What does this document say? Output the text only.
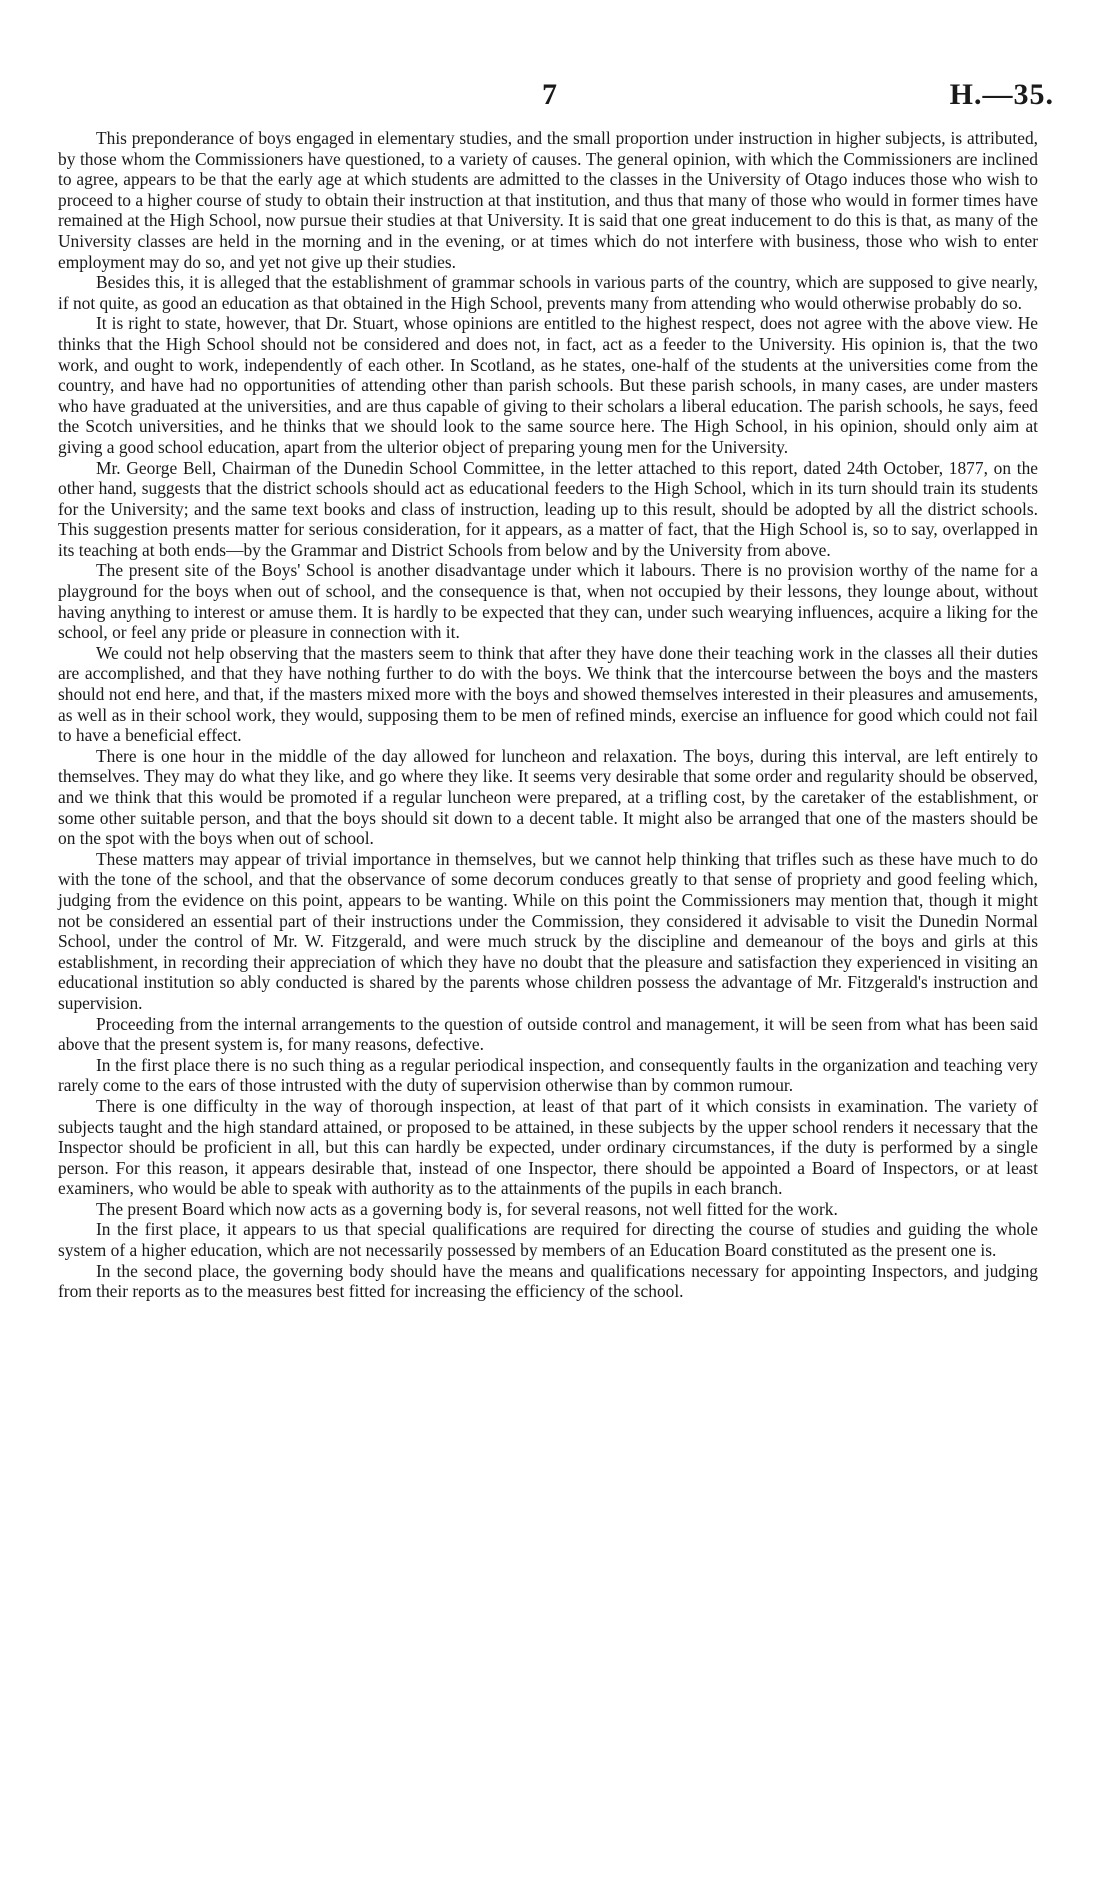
7	H.—35.

This preponderance of boys engaged in elementary studies, and the small proportion under instruction in higher subjects, is attributed, by those whom the Commissioners have questioned, to a variety of causes. The general opinion, with which the Commissioners are inclined to agree, appears to be that the early age at which students are admitted to the classes in the University of Otago induces those who wish to proceed to a higher course of study to obtain their instruction at that institution, and thus that many of those who would in former times have remained at the High School, now pursue their studies at that University. It is said that one great inducement to do this is that, as many of the University classes are held in the morning and in the evening, or at times which do not interfere with business, those who wish to enter employment may do so, and yet not give up their studies.

Besides this, it is alleged that the establishment of grammar schools in various parts of the country, which are supposed to give nearly, if not quite, as good an education as that obtained in the High School, prevents many from attending who would otherwise probably do so.

It is right to state, however, that Dr. Stuart, whose opinions are entitled to the highest respect, does not agree with the above view. He thinks that the High School should not be considered and does not, in fact, act as a feeder to the University. His opinion is, that the two work, and ought to work, independently of each other. In Scotland, as he states, one-half of the students at the universities come from the country, and have had no opportunities of attending other than parish schools. But these parish schools, in many cases, are under masters who have graduated at the universities, and are thus capable of giving to their scholars a liberal education. The parish schools, he says, feed the Scotch universities, and he thinks that we should look to the same source here. The High School, in his opinion, should only aim at giving a good school education, apart from the ulterior object of preparing young men for the University.

Mr. George Bell, Chairman of the Dunedin School Committee, in the letter attached to this report, dated 24th October, 1877, on the other hand, suggests that the district schools should act as educational feeders to the High School, which in its turn should train its students for the University; and the same text books and class of instruction, leading up to this result, should be adopted by all the district schools. This suggestion presents matter for serious consideration, for it appears, as a matter of fact, that the High School is, so to say, overlapped in its teaching at both ends—by the Grammar and District Schools from below and by the University from above.

The present site of the Boys' School is another disadvantage under which it labours. There is no provision worthy of the name for a playground for the boys when out of school, and the consequence is that, when not occupied by their lessons, they lounge about, without having anything to interest or amuse them. It is hardly to be expected that they can, under such wearying influences, acquire a liking for the school, or feel any pride or pleasure in connection with it.

We could not help observing that the masters seem to think that after they have done their teaching work in the classes all their duties are accomplished, and that they have nothing further to do with the boys. We think that the intercourse between the boys and the masters should not end here, and that, if the masters mixed more with the boys and showed themselves interested in their pleasures and amusements, as well as in their school work, they would, supposing them to be men of refined minds, exercise an influence for good which could not fail to have a beneficial effect.

There is one hour in the middle of the day allowed for luncheon and relaxation. The boys, during this interval, are left entirely to themselves. They may do what they like, and go where they like. It seems very desirable that some order and regularity should be observed, and we think that this would be promoted if a regular luncheon were prepared, at a trifling cost, by the caretaker of the establishment, or some other suitable person, and that the boys should sit down to a decent table. It might also be arranged that one of the masters should be on the spot with the boys when out of school.

These matters may appear of trivial importance in themselves, but we cannot help thinking that trifles such as these have much to do with the tone of the school, and that the observance of some decorum conduces greatly to that sense of propriety and good feeling which, judging from the evidence on this point, appears to be wanting. While on this point the Commissioners may mention that, though it might not be considered an essential part of their instructions under the Commission, they considered it advisable to visit the Dunedin Normal School, under the control of Mr. W. Fitzgerald, and were much struck by the discipline and demeanour of the boys and girls at this establishment, in recording their appreciation of which they have no doubt that the pleasure and satisfaction they experienced in visiting an educational institution so ably conducted is shared by the parents whose children possess the advantage of Mr. Fitzgerald's instruction and supervision.

Proceeding from the internal arrangements to the question of outside control and management, it will be seen from what has been said above that the present system is, for many reasons, defective.

In the first place there is no such thing as a regular periodical inspection, and consequently faults in the organization and teaching very rarely come to the ears of those intrusted with the duty of supervision otherwise than by common rumour.

There is one difficulty in the way of thorough inspection, at least of that part of it which consists in examination. The variety of subjects taught and the high standard attained, or proposed to be attained, in these subjects by the upper school renders it necessary that the Inspector should be proficient in all, but this can hardly be expected, under ordinary circumstances, if the duty is performed by a single person. For this reason, it appears desirable that, instead of one Inspector, there should be appointed a Board of Inspectors, or at least examiners, who would be able to speak with authority as to the attainments of the pupils in each branch.

The present Board which now acts as a governing body is, for several reasons, not well fitted for the work.

In the first place, it appears to us that special qualifications are required for directing the course of studies and guiding the whole system of a higher education, which are not necessarily possessed by members of an Education Board constituted as the present one is.

In the second place, the governing body should have the means and qualifications necessary for appointing Inspectors, and judging from their reports as to the measures best fitted for increasing the efficiency of the school.
